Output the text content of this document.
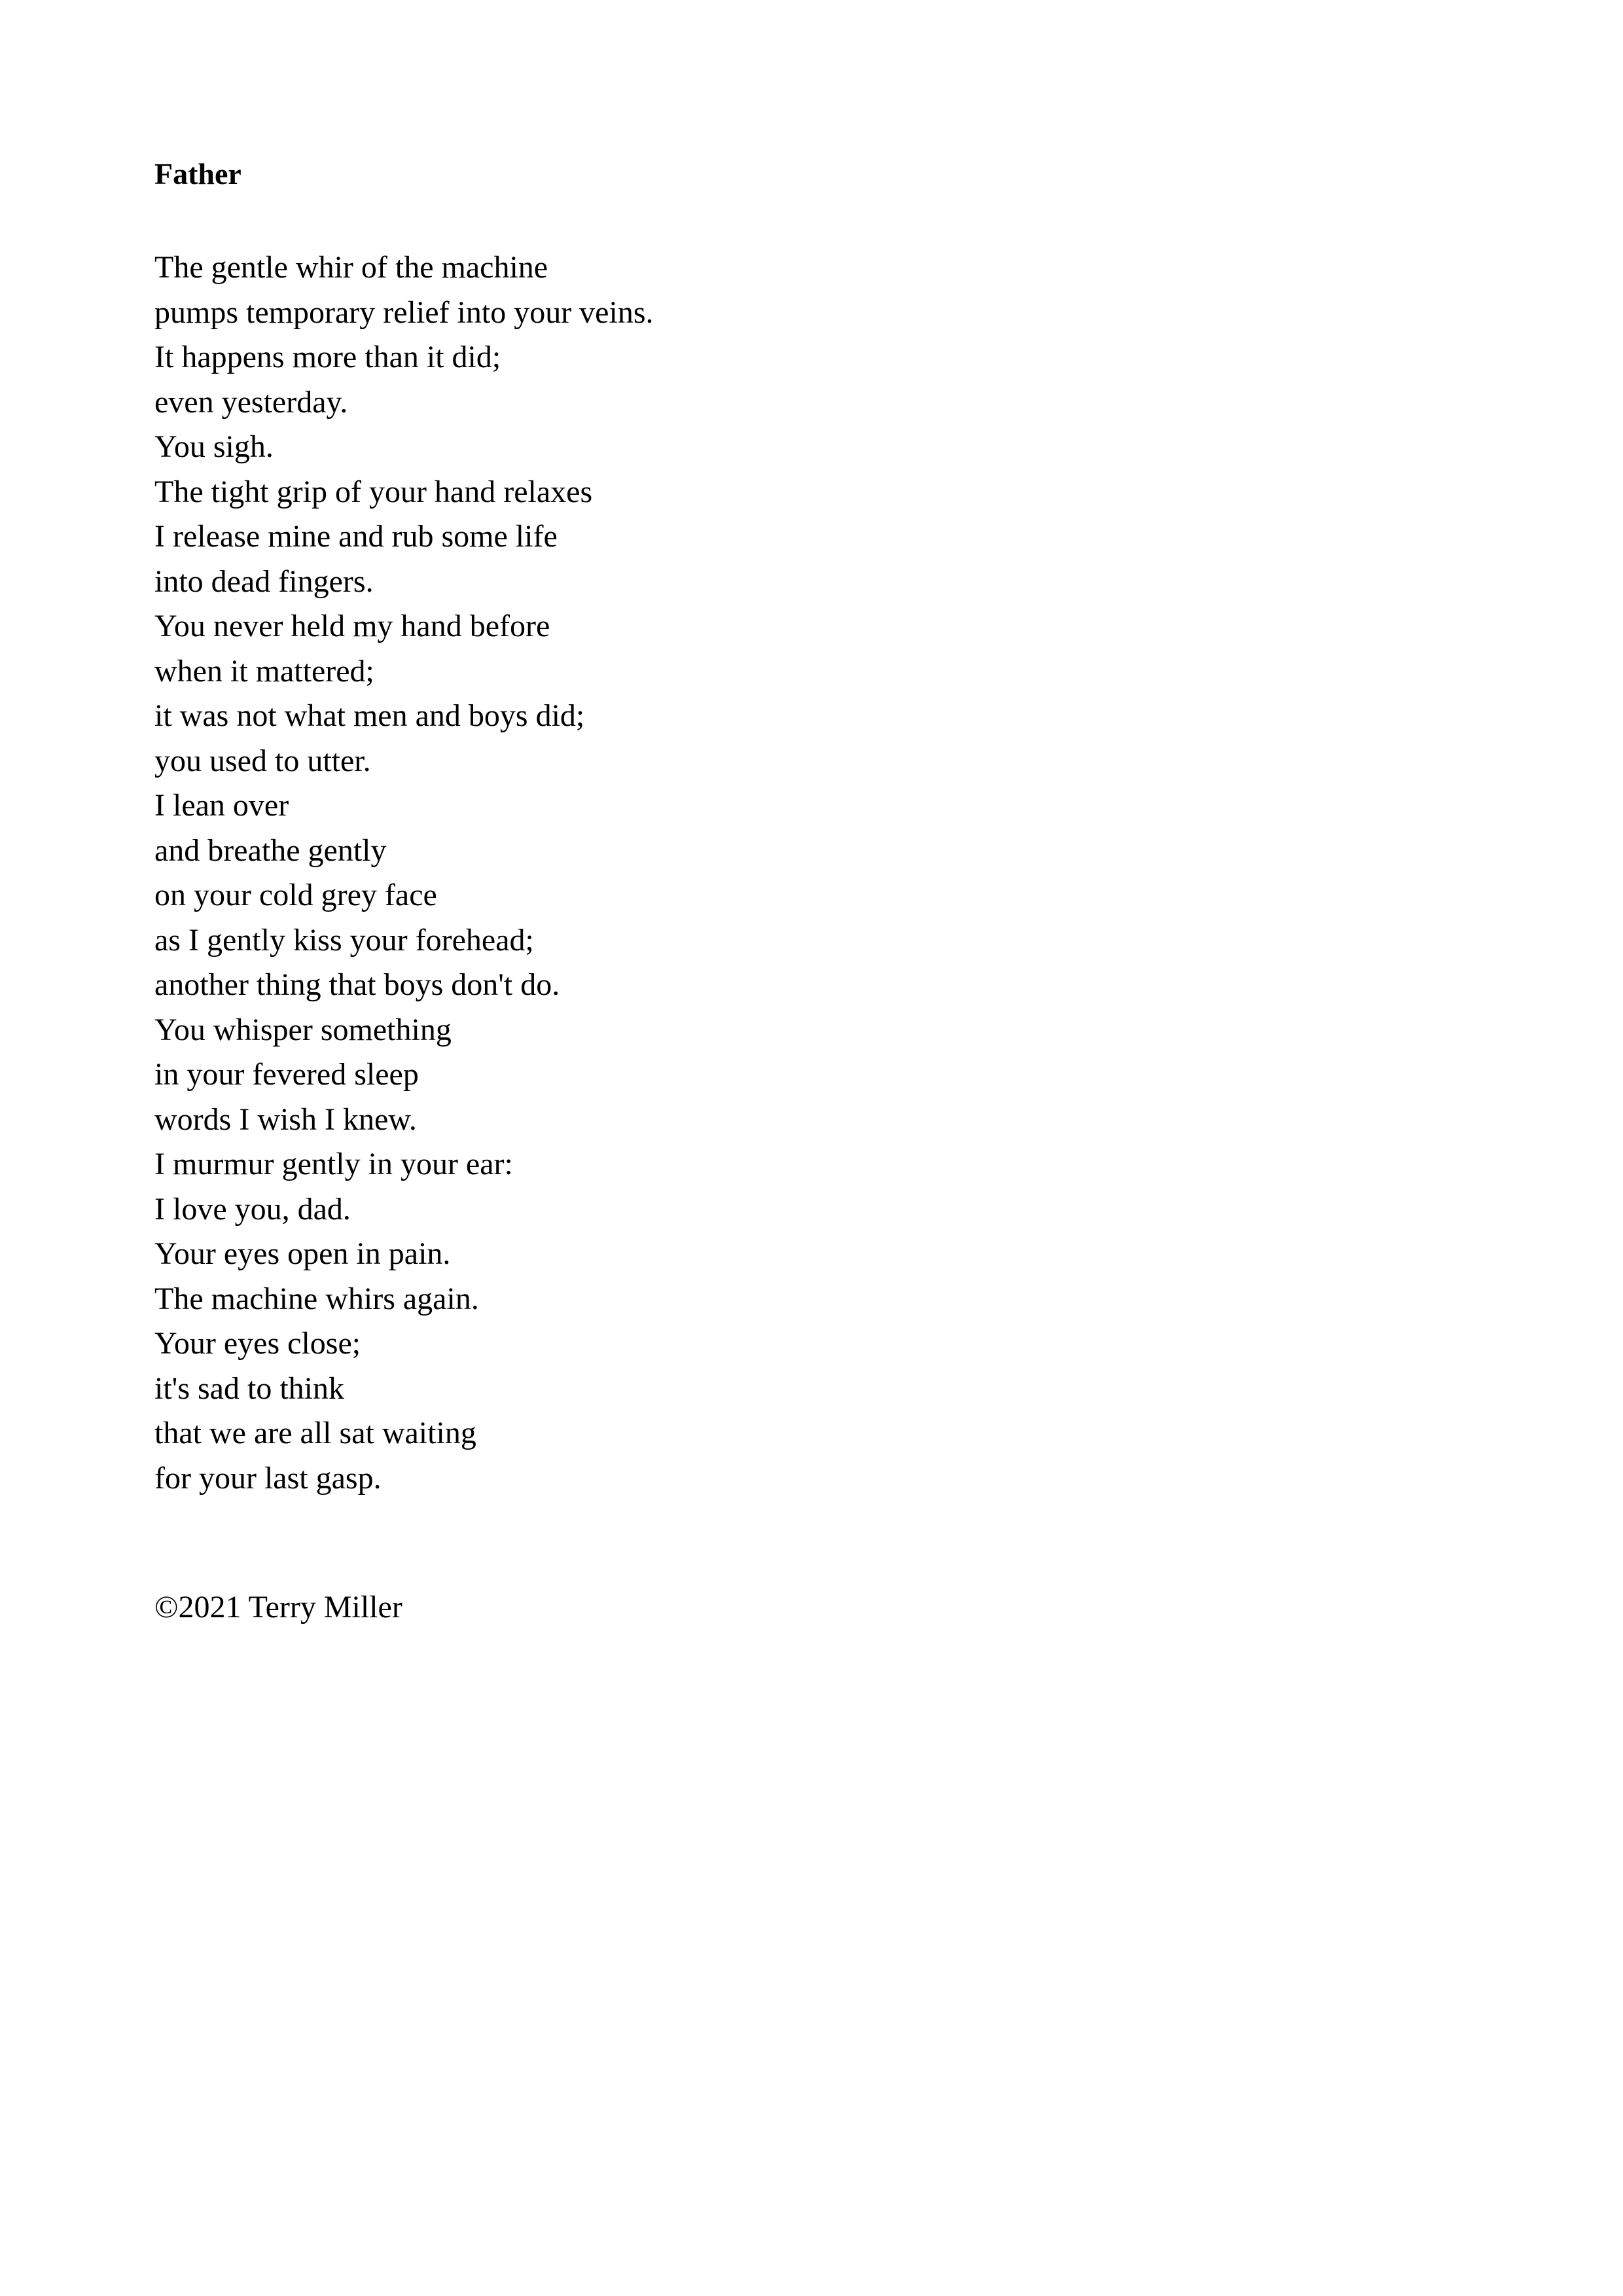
Father
The gentle whir of the machine
pumps temporary relief into your veins.
It happens more than it did;
even yesterday.
You sigh.
The tight grip of your hand relaxes
I release mine and rub some life
into dead fingers.
You never held my hand before
when it mattered;
it was not what men and boys did;
you used to utter.
I lean over
and breathe gently
on your cold grey face
as I gently kiss your forehead;
another thing that boys don't do.
You whisper something
in your fevered sleep
words I wish I knew.
I murmur gently in your ear:
I love you, dad.
Your eyes open in pain.
The machine whirs again.
Your eyes close;
it's sad to think
that we are all sat waiting
for your last gasp.
©2021 Terry Miller
